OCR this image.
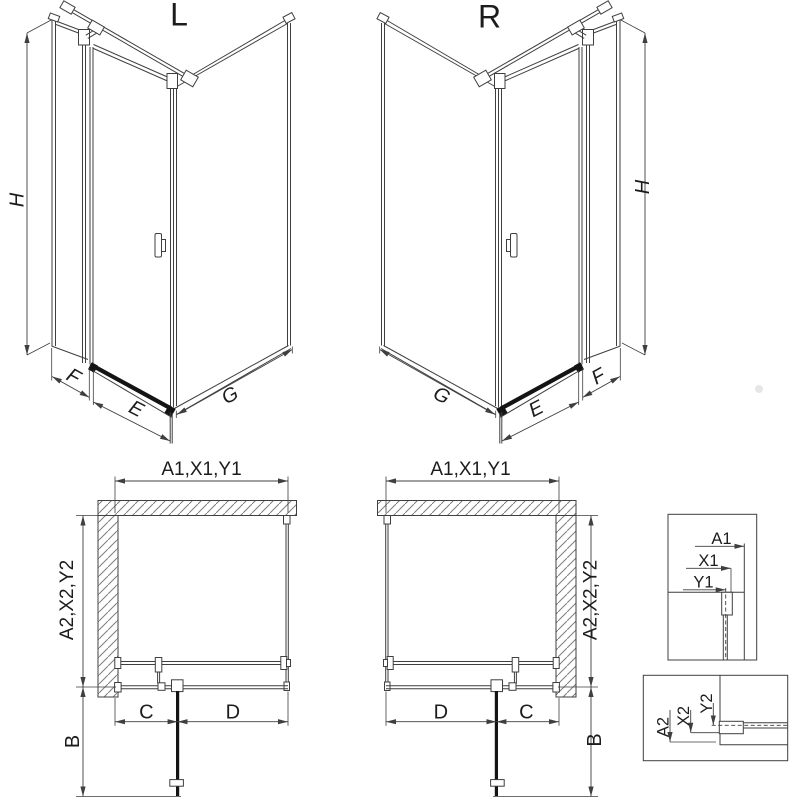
L	R
H
F
E
G
H
G
E
F
A1,X1,Y1
A2,X2,Y2
C	D
B
A1,X1,Y1
A2,X2,Y2
D	C
B
A1
X1
Y1
A2
X2
Y2
